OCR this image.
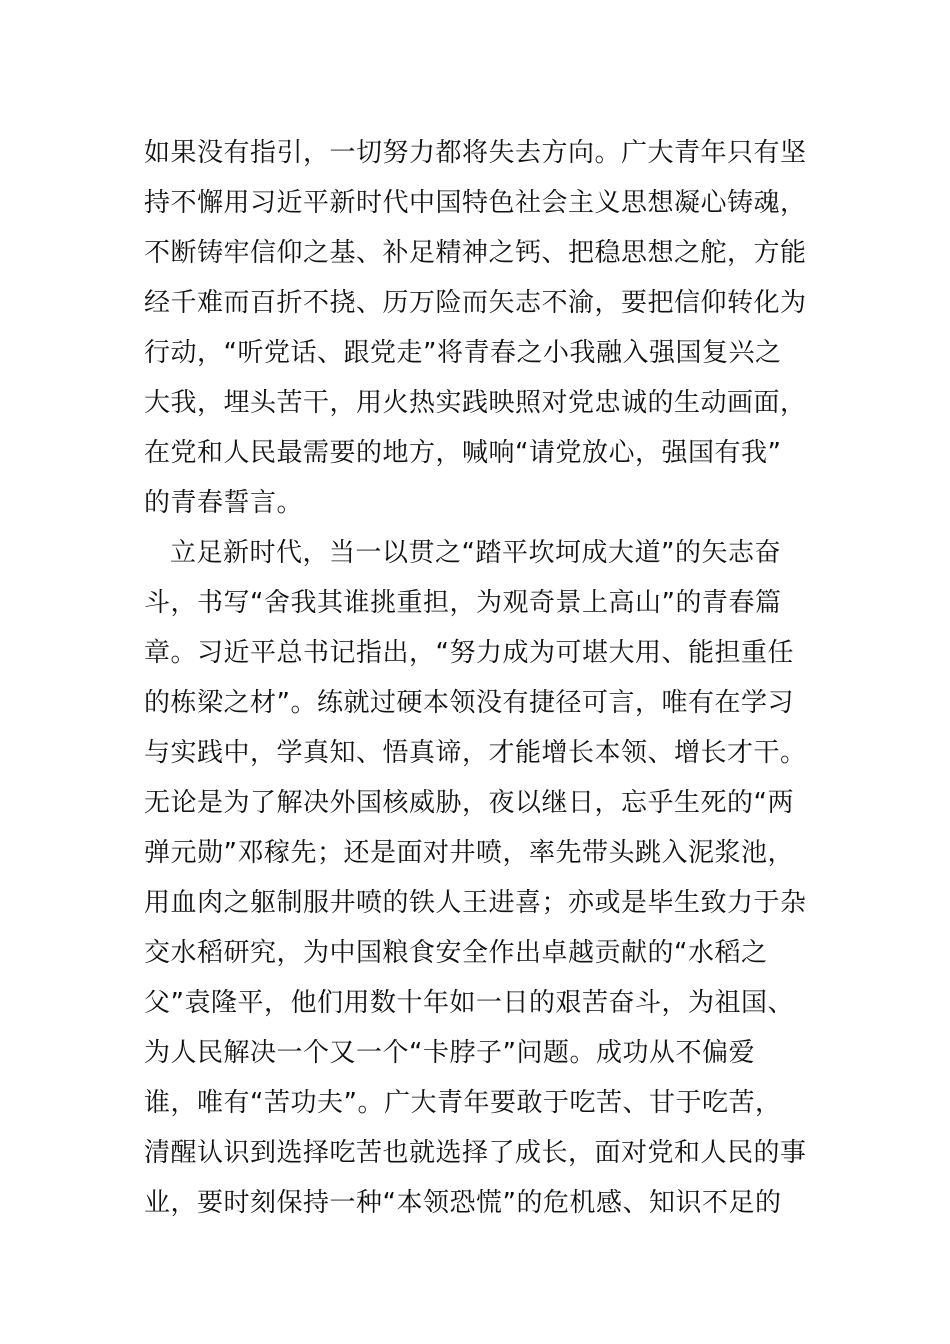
如果没有指引，一切努力都将失去方向。广大青年只有坚
持不懈用习近平新时代中国特色社会主义思想凝心铸魂，
不断铸牢信仰之基、补足精神之钙、把稳思想之舵，方能
经千难而百折不挠、历万险而矢志不渝，要把信仰转化为
行动，“听党话、跟党走”将青春之小我融入强国复兴之
大我，埋头苦干，用火热实践映照对党忠诚的生动画面，
在党和人民最需要的地方，喊响“请党放心，强国有我”
的青春誓言。
立足新时代，当一以贯之“踏平坎坷成大道”的矢志奋
斗，书写“舍我其谁挑重担，为观奇景上高山”的青春篇
章。习近平总书记指出，“努力成为可堪大用、能担重任
的栋梁之材”。练就过硬本领没有捷径可言，唯有在学习
与实践中，学真知、悟真谛，才能增长本领、增长才干。
无论是为了解决外国核威胁，夜以继日，忘乎生死的“两
弹元勋”邓稼先；还是面对井喷，率先带头跳入泥浆池，
用血肉之躯制服井喷的铁人王进喜；亦或是毕生致力于杂
交水稻研究，为中国粮食安全作出卓越贡献的“水稻之
父”袁隆平，他们用数十年如一日的艰苦奋斗，为祖国、
为人民解决一个又一个“卡脖子”问题。成功从不偏爱
谁，唯有“苦功夫”。广大青年要敢于吃苦、甘于吃苦，
清醒认识到选择吃苦也就选择了成长，面对党和人民的事
业，要时刻保持一种“本领恐慌”的危机感、知识不足的
